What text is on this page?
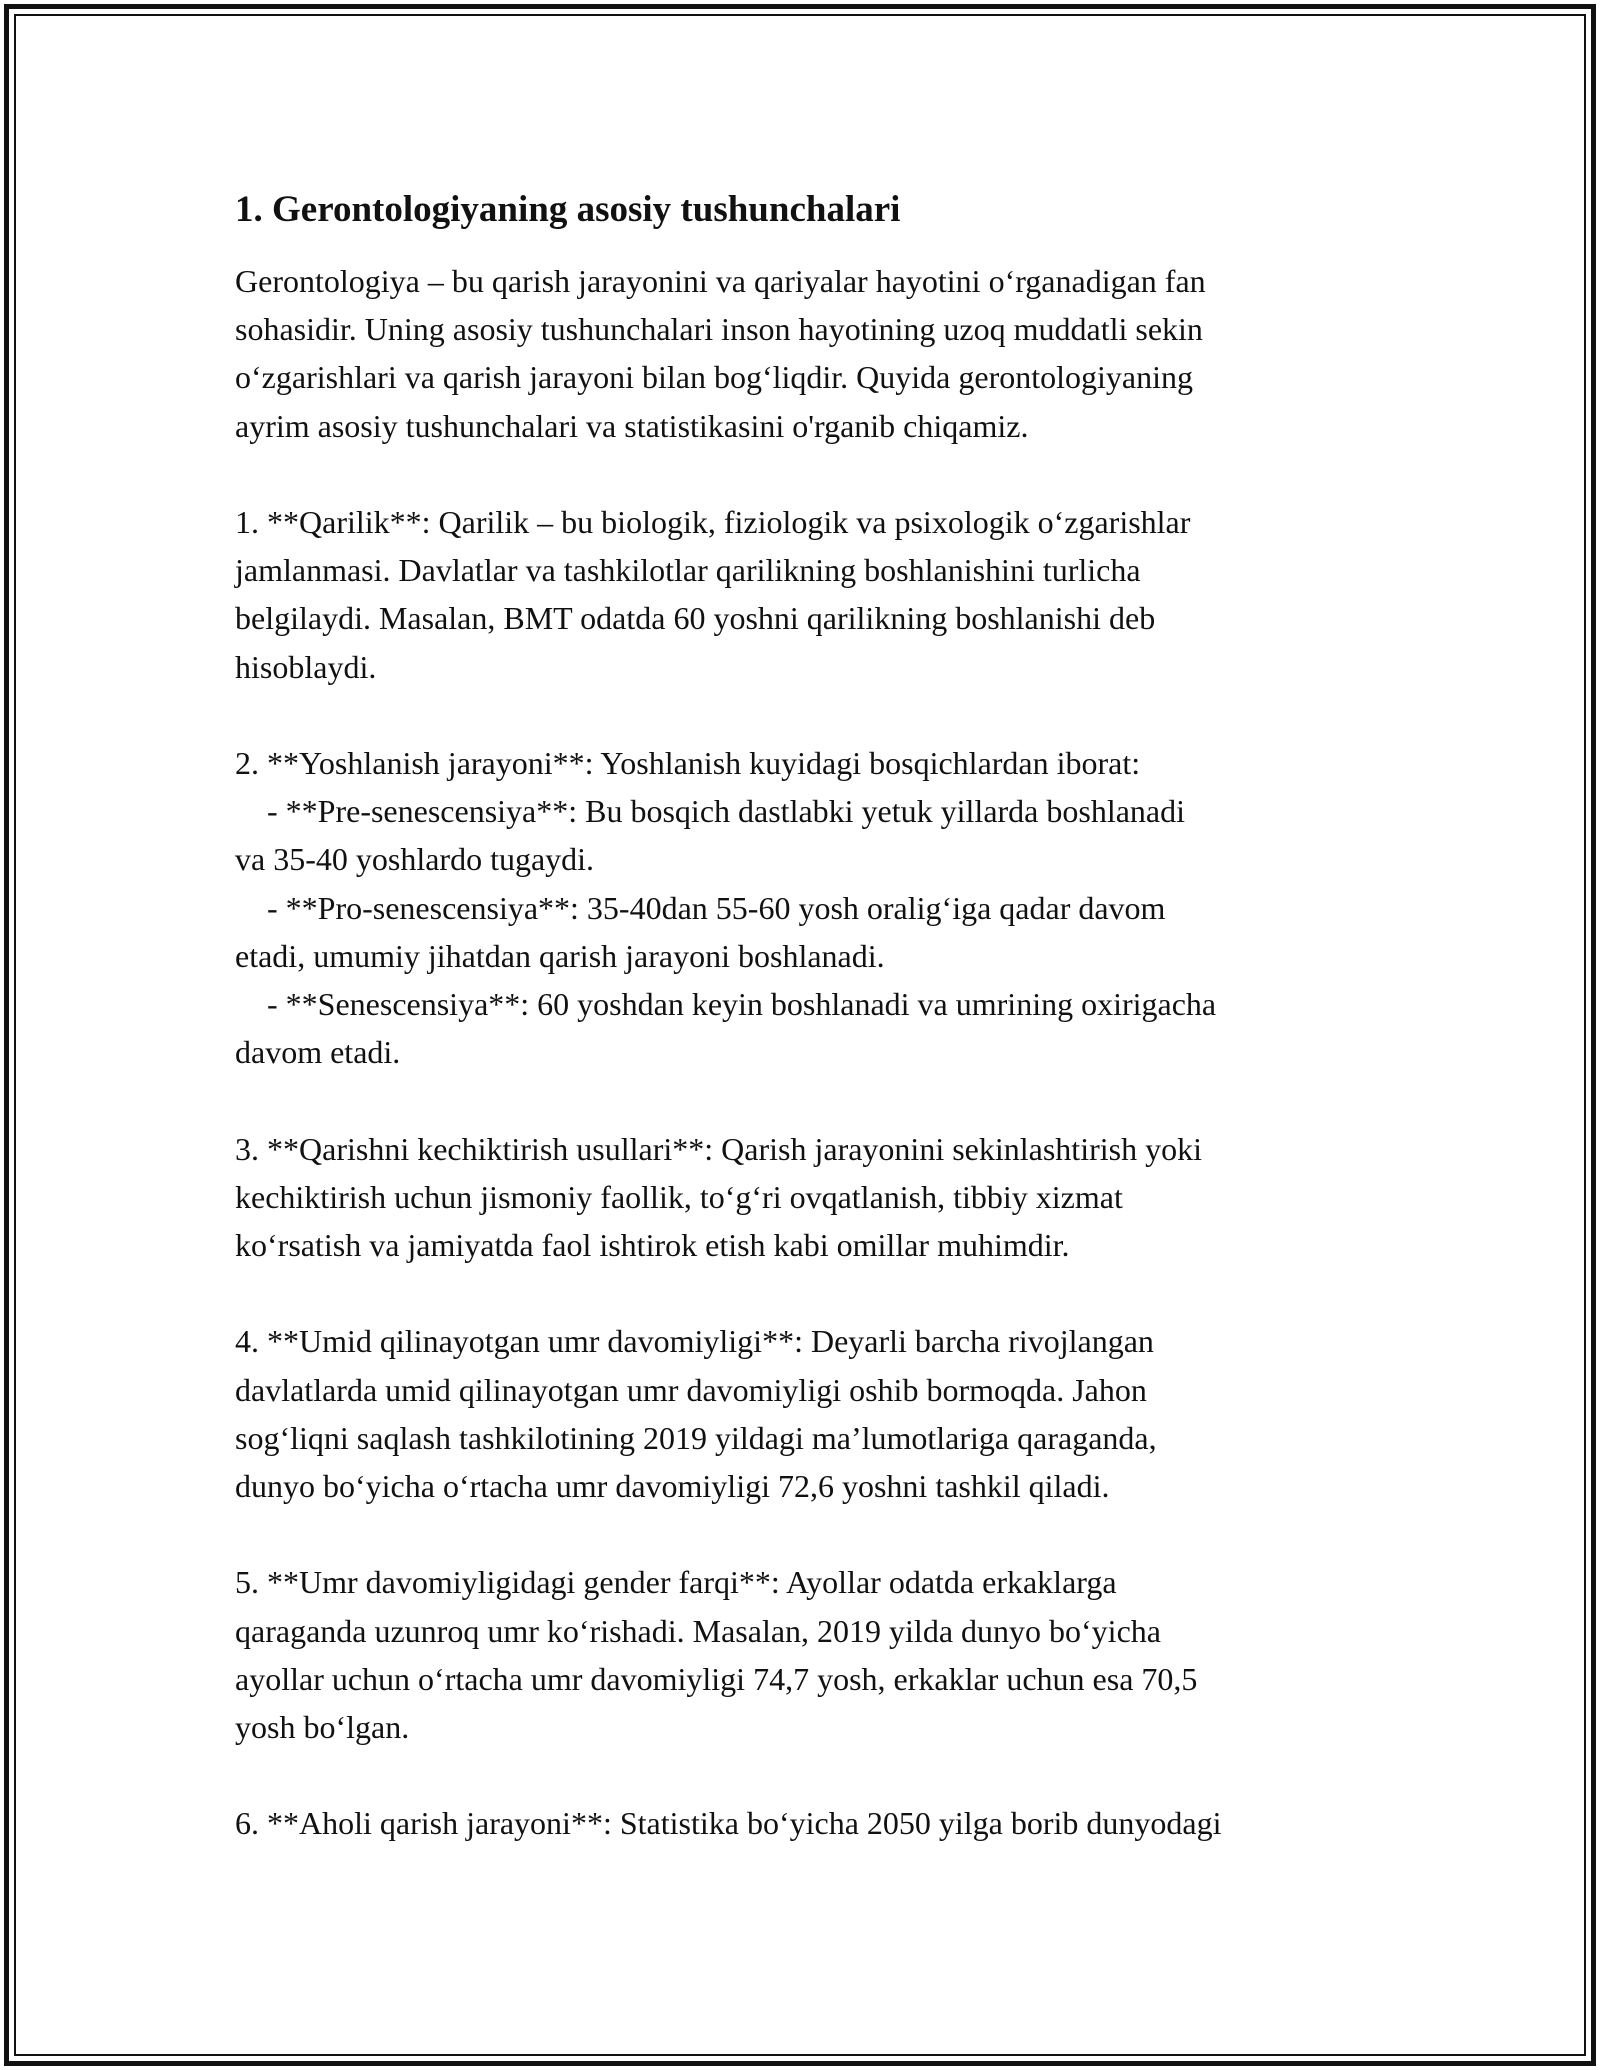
1. Gerontologiyaning asosiy tushunchalari

Gerontologiya – bu qarish jarayonini va qariyalar hayotini o‘rganadigan fan
sohasidir. Uning asosiy tushunchalari inson hayotining uzoq muddatli sekin
o‘zgarishlari va qarish jarayoni bilan bog‘liqdir. Quyida gerontologiyaning
ayrim asosiy tushunchalari va statistikasini o'rganib chiqamiz.

1. **Qarilik**: Qarilik – bu biologik, fiziologik va psixologik o‘zgarishlar
jamlanmasi. Davlatlar va tashkilotlar qarilikning boshlanishini turlicha
belgilaydi. Masalan, BMT odatda 60 yoshni qarilikning boshlanishi deb
hisoblaydi.

2. **Yoshlanish jarayoni**: Yoshlanish kuyidagi bosqichlardan iborat:
- **Pre-senescensiya**: Bu bosqich dastlabki yetuk yillarda boshlanadi
va 35-40 yoshlardo tugaydi.
- **Pro-senescensiya**: 35-40dan 55-60 yosh oralig‘iga qadar davom
etadi, umumiy jihatdan qarish jarayoni boshlanadi.
- **Senescensiya**: 60 yoshdan keyin boshlanadi va umrining oxirigacha
davom etadi.

3. **Qarishni kechiktirish usullari**: Qarish jarayonini sekinlashtirish yoki
kechiktirish uchun jismoniy faollik, to‘g‘ri ovqatlanish, tibbiy xizmat
ko‘rsatish va jamiyatda faol ishtirok etish kabi omillar muhimdir.

4. **Umid qilinayotgan umr davomiyligi**: Deyarli barcha rivojlangan
davlatlarda umid qilinayotgan umr davomiyligi oshib bormoqda. Jahon
sog‘liqni saqlash tashkilotining 2019 yildagi ma’lumotlariga qaraganda,
dunyo bo‘yicha o‘rtacha umr davomiyligi 72,6 yoshni tashkil qiladi.

5. **Umr davomiyligidagi gender farqi**: Ayollar odatda erkaklarga
qaraganda uzunroq umr ko‘rishadi. Masalan, 2019 yilda dunyo bo‘yicha
ayollar uchun o‘rtacha umr davomiyligi 74,7 yosh, erkaklar uchun esa 70,5
yosh bo‘lgan.

6. **Aholi qarish jarayoni**: Statistika bo‘yicha 2050 yilga borib dunyodagi
